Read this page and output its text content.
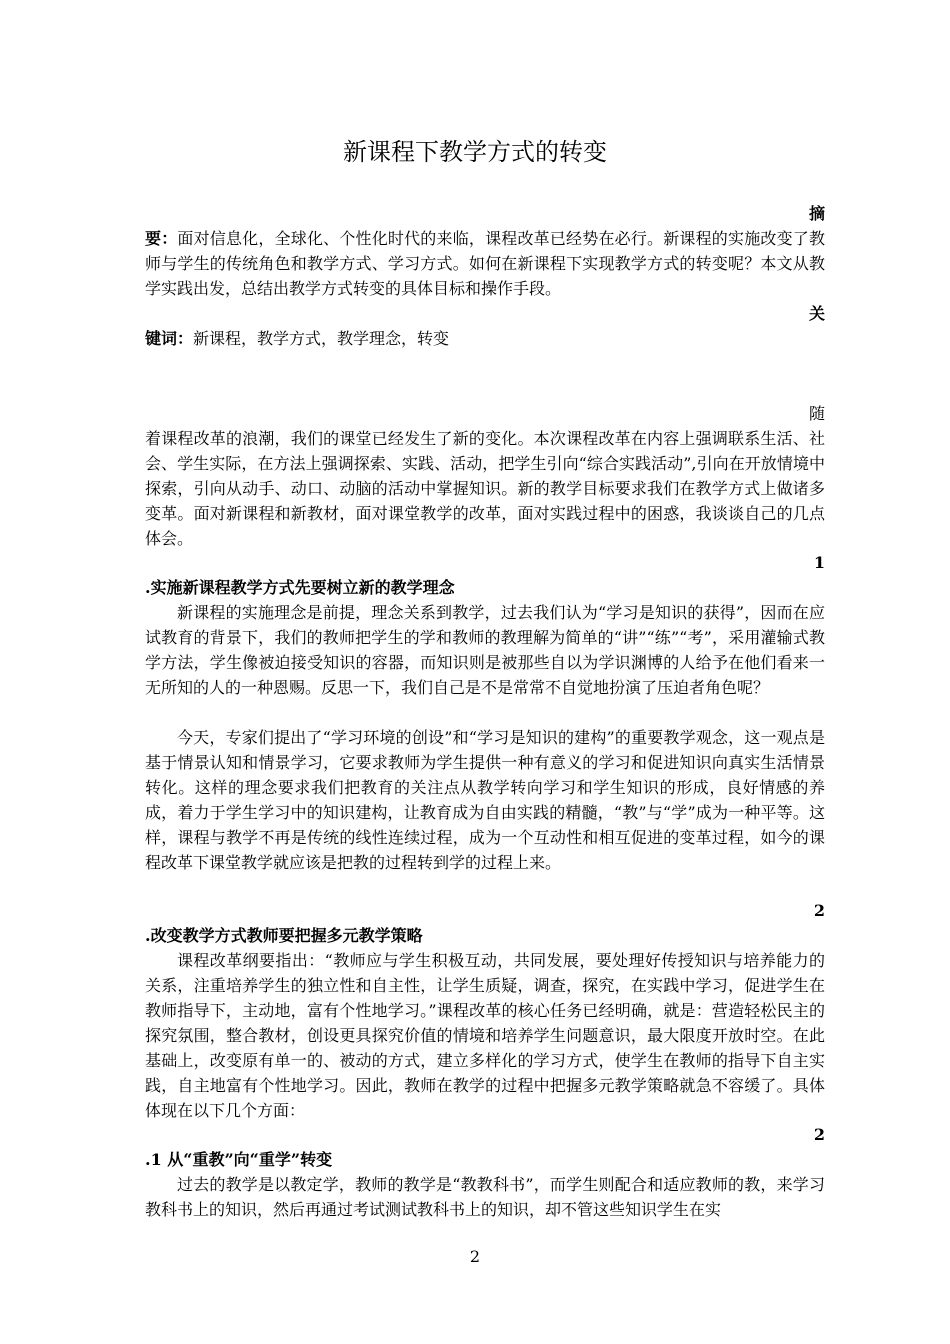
新课程下教学方式的转变
摘
要：面对信息化，全球化、个性化时代的来临，课程改革已经势在必行。新课程的实施改变了教师与学生的传统角色和教学方式、学习方式。如何在新课程下实现教学方式的转变呢？本文从教学实践出发，总结出教学方式转变的具体目标和操作手段。
关
键词：新课程，教学方式，教学理念，转变
随
着课程改革的浪潮，我们的课堂已经发生了新的变化。本次课程改革在内容上强调联系生活、社会、学生实际，在方法上强调探索、实践、活动，把学生引向“综合实践活动”,引向在开放情境中探索，引向从动手、动口、动脑的活动中掌握知识。新的教学目标要求我们在教学方式上做诸多变革。面对新课程和新教材，面对课堂教学的改革，面对实践过程中的困惑，我谈谈自己的几点体会。
1
.实施新课程教学方式先要树立新的教学理念
新课程的实施理念是前提，理念关系到教学，过去我们认为“学习是知识的获得”，因而在应试教育的背景下，我们的教师把学生的学和教师的教理解为简单的“讲”“练”“考”，采用灌输式教学方法，学生像被迫接受知识的容器，而知识则是被那些自以为学识渊博的人给予在他们看来一无所知的人的一种恩赐。反思一下，我们自己是不是常常不自觉地扮演了压迫者角色呢？
今天，专家们提出了“学习环境的创设”和“学习是知识的建构”的重要教学观念，这一观点是基于情景认知和情景学习，它要求教师为学生提供一种有意义的学习和促进知识向真实生活情景转化。这样的理念要求我们把教育的关注点从教学转向学习和学生知识的形成，良好情感的养成，着力于学生学习中的知识建构，让教育成为自由实践的精髓，“教”与“学”成为一种平等。这样，课程与教学不再是传统的线性连续过程，成为一个互动性和相互促进的变革过程，如今的课程改革下课堂教学就应该是把教的过程转到学的过程上来。
2
.改变教学方式教师要把握多元教学策略
课程改革纲要指出：“教师应与学生积极互动，共同发展，要处理好传授知识与培养能力的关系，注重培养学生的独立性和自主性，让学生质疑，调查，探究，在实践中学习，促进学生在教师指导下，主动地，富有个性地学习。”课程改革的核心任务已经明确，就是：营造轻松民主的探究氛围，整合教材，创设更具探究价值的情境和培养学生问题意识，最大限度开放时空。在此基础上，改变原有单一的、被动的方式，建立多样化的学习方式，使学生在教师的指导下自主实践，自主地富有个性地学习。因此，教师在教学的过程中把握多元教学策略就急不容缓了。具体体现在以下几个方面：
2
.1 从“重教”向“重学”转变
过去的教学是以教定学，教师的教学是“教教科书”，而学生则配合和适应教师的教，来学习教科书上的知识，然后再通过考试测试教科书上的知识，却不管这些知识学生在实
2
